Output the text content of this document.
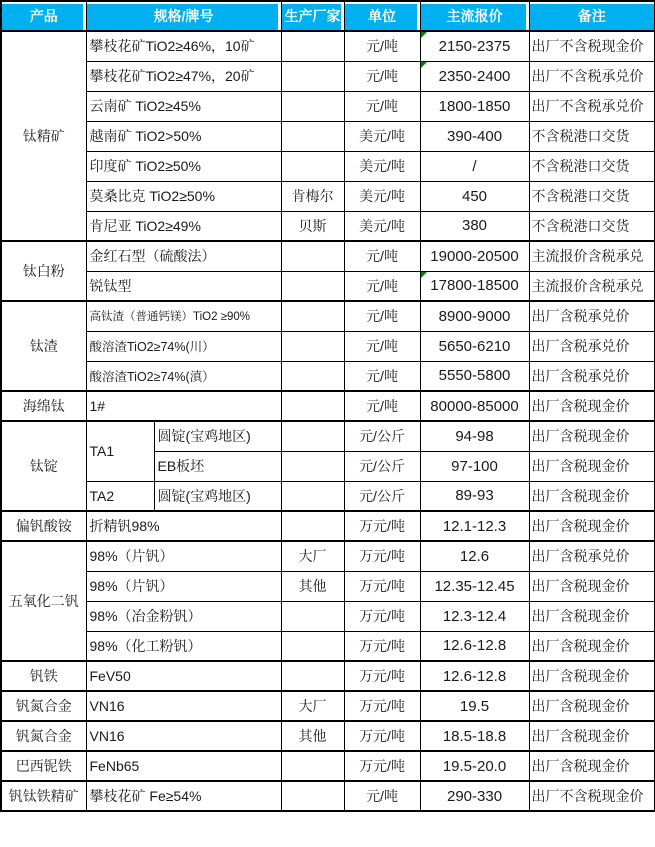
产品	规格/牌号		生产厂家	单位	主流报价	备注
钛精矿	攀枝花矿TiO2≥46%，10矿			元/吨	2150-2375	出厂不含税现金价
	攀枝花矿TiO2≥47%，20矿			元/吨	2350-2400	出厂不含税承兑价
	云南矿 TiO2≥45%			元/吨	1800-1850	出厂不含税承兑价
	越南矿 TiO2>50%			美元/吨	390-400	不含税港口交货
	印度矿 TiO2≥50%			美元/吨	/	不含税港口交货
	莫桑比克 TiO2≥50%		肯梅尔	美元/吨	450	不含税港口交货
	肯尼亚 TiO2≥49%		贝斯	美元/吨	380	不含税港口交货
钛白粉	金红石型（硫酸法）			元/吨	19000-20500	主流报价含税承兑
	锐钛型			元/吨	17800-18500	主流报价含税承兑
钛渣	高钛渣（普通钙镁）TiO2 ≥90%			元/吨	8900-9000	出厂含税承兑价
	酸溶渣TiO2≥74%(川）			元/吨	5650-6210	出厂含税承兑价
	酸溶渣TiO2≥74%(滇）			元/吨	5550-5800	出厂含税承兑价
海绵钛	1#			元/吨	80000-85000	出厂含税现金价
钛锭	TA1	圆锭(宝鸡地区)		元/公斤	94-98	出厂含税现金价
		EB板坯		元/公斤	97-100	出厂含税现金价
	TA2	圆锭(宝鸡地区)		元/公斤	89-93	出厂含税现金价
偏钒酸铵	折精钒98%			万元/吨	12.1-12.3	出厂含税现金价
五氧化二钒	98%（片钒）		大厂	万元/吨	12.6	出厂含税承兑价
	98%（片钒）		其他	万元/吨	12.35-12.45	出厂含税现金价
	98%（冶金粉钒）			万元/吨	12.3-12.4	出厂含税现金价
	98%（化工粉钒）			万元/吨	12.6-12.8	出厂含税现金价
钒铁	FeV50			万元/吨	12.6-12.8	出厂含税现金价
钒氮合金	VN16		大厂	万元/吨	19.5	出厂含税现金价
钒氮合金	VN16		其他	万元/吨	18.5-18.8	出厂含税现金价
巴西铌铁	FeNb65			万元/吨	19.5-20.0	出厂含税现金价
钒钛铁精矿	攀枝花矿 Fe≥54%			元/吨	290-330	出厂不含税现金价
